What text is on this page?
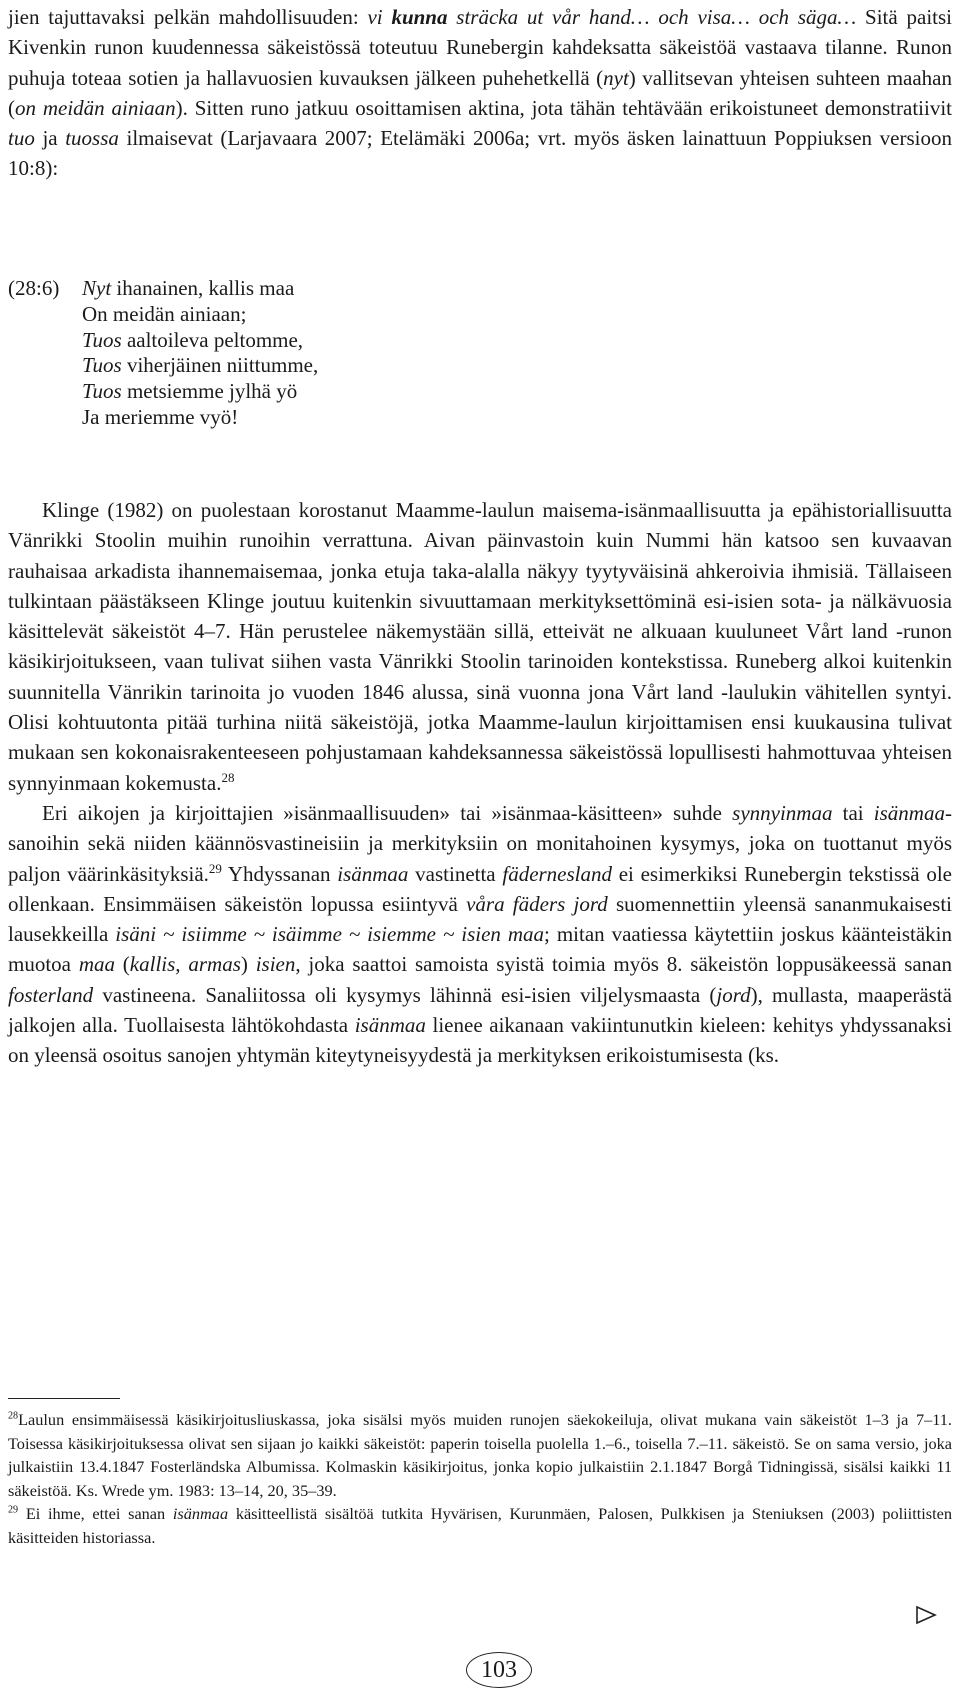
jien tajuttavaksi pelkän mahdollisuuden: vi kunna sträcka ut vår hand… och visa… och säga… Sitä paitsi Kivenkin runon kuudennessa säkeistössä toteutuu Runebergin kahdeksatta säkeistöä vastaava tilanne. Runon puhuja toteaa sotien ja hallavuosien kuvauksen jälkeen puhehetkellä (nyt) vallitsevan yhteisen suhteen maahan (on meidän ainiaan). Sitten runo jatkuu osoittamisen aktina, jota tähän tehtävään erikoistuneet demonstratiivit tuo ja tuossa ilmaisevat (Larjavaara 2007; Etelämäki 2006a; vrt. myös äsken lainattuun Poppiuksen versioon 10:8):

(28:6)	Nyt ihanainen, kallis maa
On meidän ainiaan;
Tuos aaltoileva peltomme,
Tuos viherjäinen niittumme,
Tuos metsiemme jylhä yö
Ja meriemme vyö!

Klinge (1982) on puolestaan korostanut Maamme-laulun maisema-isänmaallisuutta ja epähistoriallisuutta Vänrikki Stoolin muihin runoihin verrattuna. Aivan päinvastoin kuin Nummi hän katsoo sen kuvaavan rauhaisaa arkadista ihannemaisemaa, jonka etuja taka-alalla näkyy tyytyväisinä ahkeroivia ihmisiä. Tällaiseen tulkintaan päästäkseen Klinge joutuu kuitenkin sivuuttamaan merkityksettöminä esi-isien sota- ja nälkävuosia käsittelevät säkeistöt 4–7. Hän perustelee näkemystään sillä, etteivät ne alkuaan kuuluneet Vårt land -runon käsikirjoitukseen, vaan tulivat siihen vasta Vänrikki Stoolin tarinoiden kontekstissa. Runeberg alkoi kuitenkin suunnitella Vänrikin tarinoita jo vuoden 1846 alussa, sinä vuonna jona Vårt land -laulukin vähitellen syntyi. Olisi kohtuutonta pitää turhina niitä säkeistöjä, jotka Maamme-laulun kirjoittamisen ensi kuukausina tulivat mukaan sen kokonaisrakenteeseen pohjustamaan kahdeksannessa säkeistössä lopullisesti hahmottuvaa yhteisen synnyinmaan kokemusta.$^{28}$

Eri aikojen ja kirjoittajien »isänmaallisuuden» tai »isänmaa-käsitteen» suhde synnyinmaa tai isänmaa-sanoihin sekä niiden käännösvastineisiin ja merkityksiin on monitahoinen kysymys, joka on tuottanut myös paljon väärinkäsityksiä.$^{29}$ Yhdyssanan isänmaa vastinetta fädernesland ei esimerkiksi Runebergin tekstissä ole ollenkaan. Ensimmäisen säkeistön lopussa esiintyvä våra fäders jord suomennettiin yleensä sananmukaisesti lausekkeilla isäni ~ isiimme ~ isäimme ~ isiemme ~ isien maa; mitan vaatiessa käytettiin joskus käänteistäkin muotoa maa (kallis, armas) isien, joka saattoi samoista syistä toimia myös 8. säkeistön loppusäkeessä sanan fosterland vastineena. Sanaliitossa oli kysymys lähinnä esi-isien viljelysmaasta (jord), mullasta, maaperästä jalkojen alla. Tuollaisesta lähtökohdasta isänmaa lienee aikanaan vakiintunutkin kieleen: kehitys yhdyssanaksi on yleensä osoitus sanojen yhtymän kiteytyneisyydestä ja merkityksen erikoistumisesta (ks.

$^{28}$Laulun ensimmäisessä käsikirjoitusliuskassa, joka sisälsi myös muiden runojen säekokeiluja, olivat mukana vain säkeistöt 1–3 ja 7–11. Toisessa käsikirjoituksessa olivat sen sijaan jo kaikki säkeistöt: paperin toisella puolella 1.–6., toisella 7.–11. säkeistö. Se on sama versio, joka julkaistiin 13.4.1847 Fosterländska Albumissa. Kolmaskin käsikirjoitus, jonka kopio julkaistiin 2.1.1847 Borgå Tidningissä, sisälsi kaikki 11 säkeistöä. Ks. Wrede ym. 1983: 13–14, 20, 35–39.

$^{29}$ Ei ihme, ettei sanan isänmaa käsitteellistä sisältöä tutkita Hyvärisen, Kurunmäen, Palosen, Pulkkisen ja Steniuksen (2003) poliittisten käsitteiden historiassa.

103
